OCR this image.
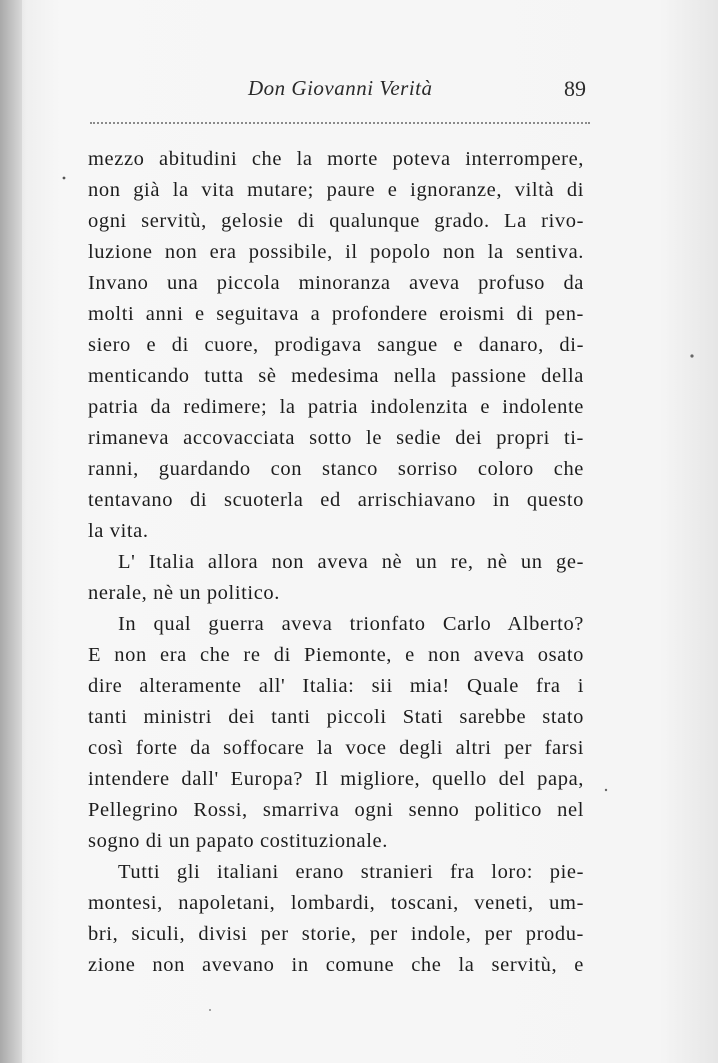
Don Giovanni Verità	89
mezzo abitudini che la morte poteva interrompere,
non già la vita mutare; paure e ignoranze, viltà di
ogni servitù, gelosie di qualunque grado. La rivo-
luzione non era possibile, il popolo non la sentiva.
Invano una piccola minoranza aveva profuso da
molti anni e seguitava a profondere eroismi di pen-
siero e di cuore, prodigava sangue e danaro, di-
menticando tutta sè medesima nella passione della
patria da redimere; la patria indolenzita e indolente
rimaneva accovacciata sotto le sedie dei propri ti-
ranni, guardando con stanco sorriso coloro che
tentavano di scuoterla ed arrischiavano in questo
la vita.
L' Italia allora non aveva nè un re, nè un ge-
nerale, nè un politico.
In qual guerra aveva trionfato Carlo Alberto?
E non era che re di Piemonte, e non aveva osato
dire alteramente all' Italia: sii mia! Quale fra i
tanti ministri dei tanti piccoli Stati sarebbe stato
così forte da soffocare la voce degli altri per farsi
intendere dall' Europa? Il migliore, quello del papa,
Pellegrino Rossi, smarriva ogni senno politico nel
sogno di un papato costituzionale.
Tutti gli italiani erano stranieri fra loro: pie-
montesi, napoletani, lombardi, toscani, veneti, um-
bri, siculi, divisi per storie, per indole, per produ-
zione non avevano in comune che la servitù, e
